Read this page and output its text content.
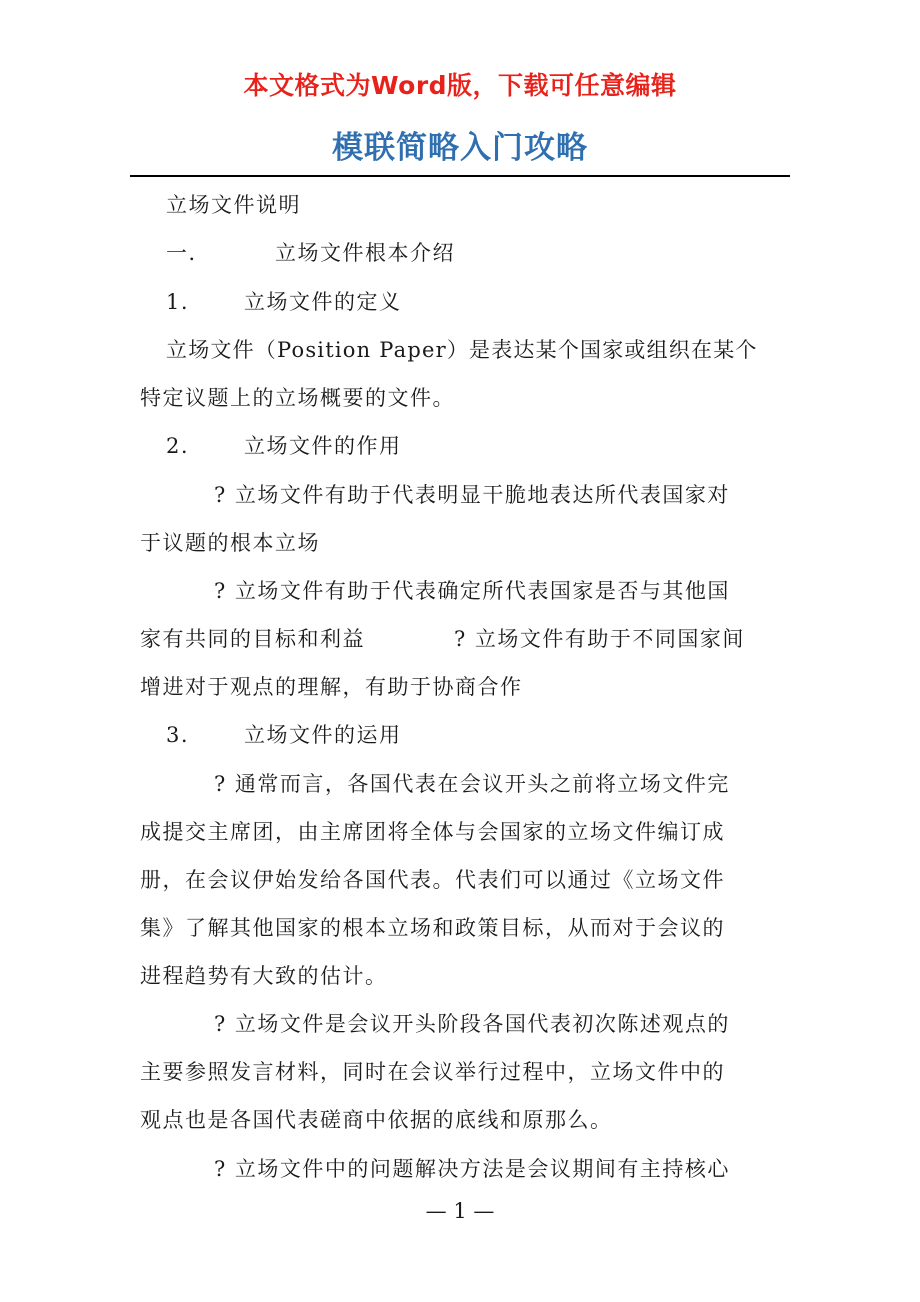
本文格式为Word版，下载可任意编辑
模联简略入门攻略
立场文件说明
一．	立场文件根本介绍
1.	立场文件的定义
立场文件（Position Paper）是表达某个国家或组织在某个
特定议题上的立场概要的文件。
2.	立场文件的作用
? 立场文件有助于代表明显干脆地表达所代表国家对
于议题的根本立场
? 立场文件有助于代表确定所代表国家是否与其他国
家有共同的目标和利益	? 立场文件有助于不同国家间
增进对于观点的理解，有助于协商合作
3.	立场文件的运用
? 通常而言，各国代表在会议开头之前将立场文件完
成提交主席团，由主席团将全体与会国家的立场文件编订成
册，在会议伊始发给各国代表。代表们可以通过《立场文件
集》了解其他国家的根本立场和政策目标，从而对于会议的
进程趋势有大致的估计。
? 立场文件是会议开头阶段各国代表初次陈述观点的
主要参照发言材料，同时在会议举行过程中，立场文件中的
观点也是各国代表磋商中依据的底线和原那么。
? 立场文件中的问题解决方法是会议期间有主持核心
— 1 —
